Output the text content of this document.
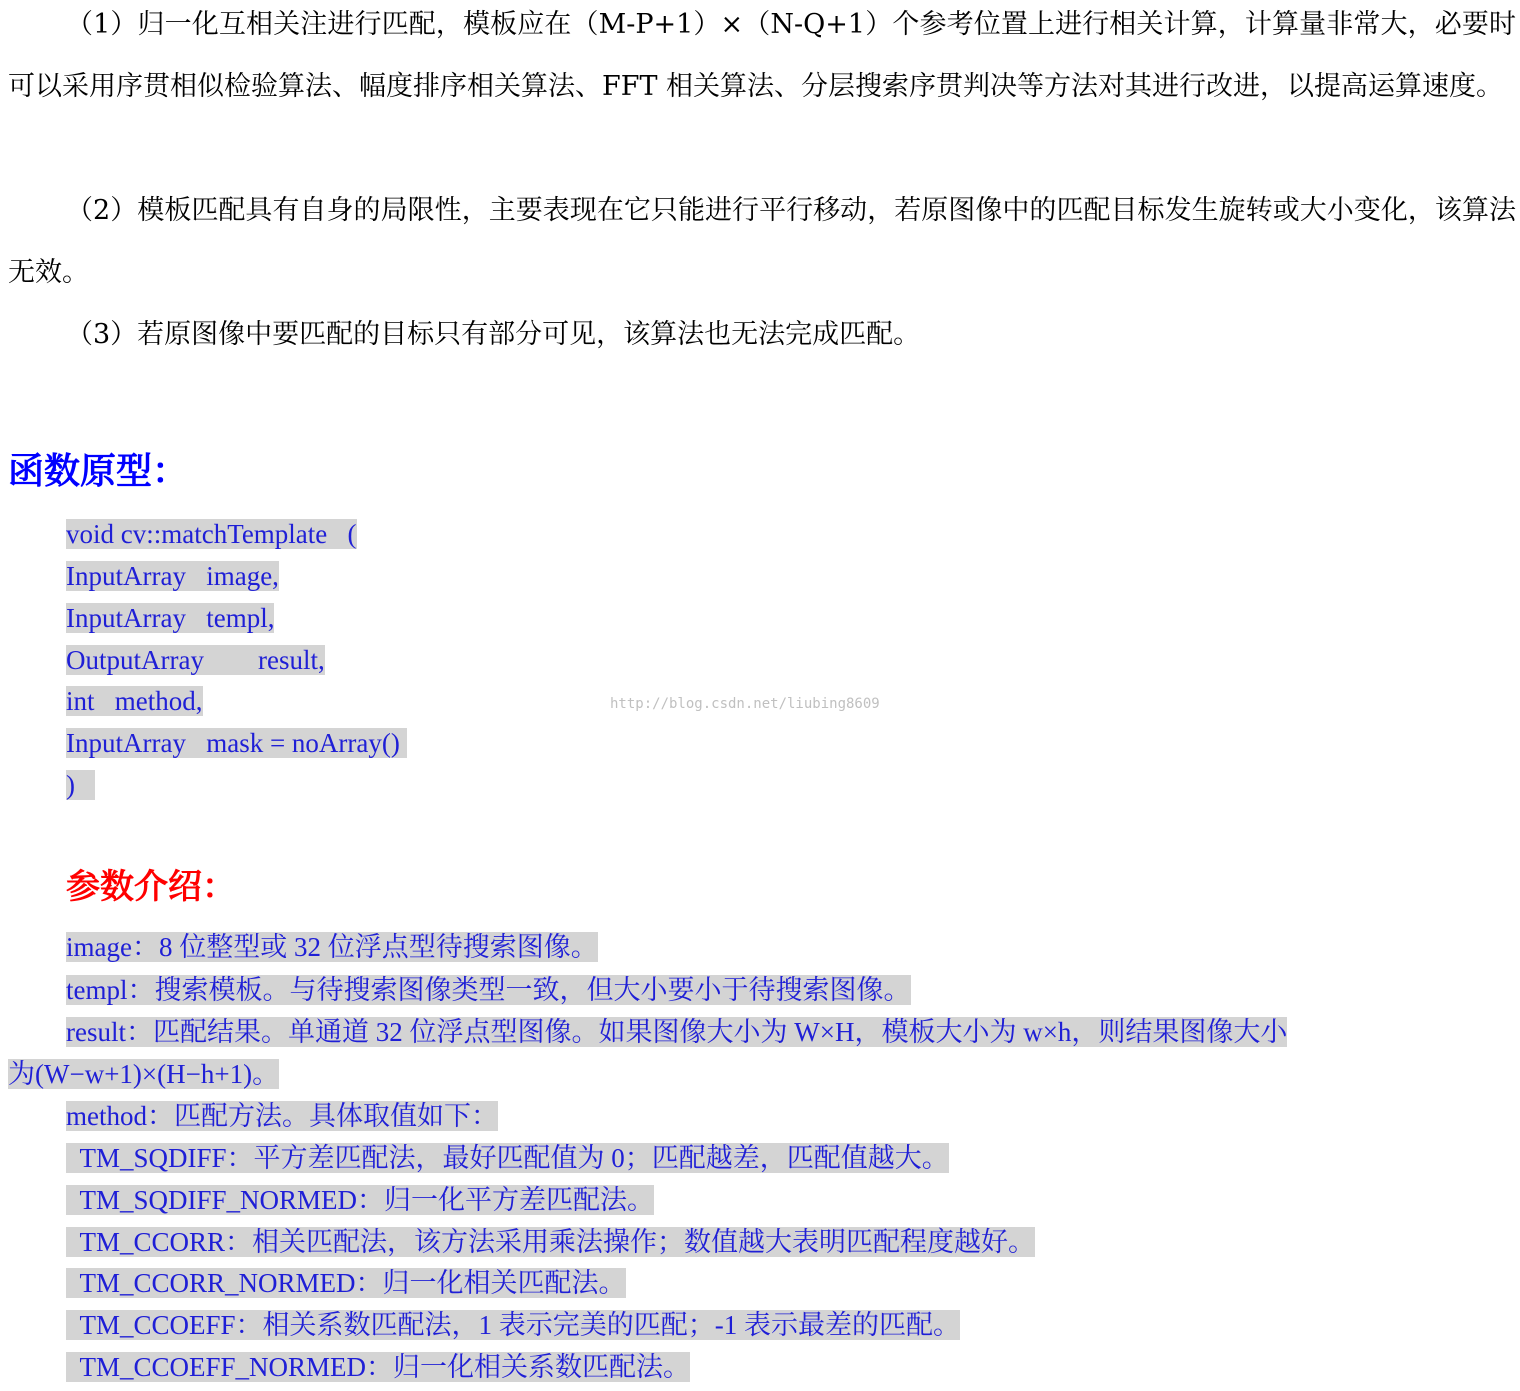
（1）归一化互相关注进行匹配，模板应在（M-P+1）×（N-Q+1）个参考位置上进行相关计算，计算量非常大，必要时可以采用序贯相似检验算法、幅度排序相关算法、FFT 相关算法、分层搜索序贯判决等方法对其进行改进，以提高运算速度。

（2）模板匹配具有自身的局限性，主要表现在它只能进行平行移动，若原图像中的匹配目标发生旋转或大小变化，该算法无效。

（3）若原图像中要匹配的目标只有部分可见，该算法也无法完成匹配。

函数原型：
void cv::matchTemplate   (
InputArray   image,
InputArray   templ,
OutputArray        result,
int   method,
InputArray   mask = noArray()
)
http://blog.csdn.net/liubing8609
参数介绍：
image：8 位整型或 32 位浮点型待搜索图像。
templ：搜索模板。与待搜索图像类型一致，但大小要小于待搜索图像。
result：匹配结果。单通道 32 位浮点型图像。如果图像大小为 W×H，模板大小为 w×h，则结果图像大小
为(W−w+1)×(H−h+1)。
method：匹配方法。具体取值如下：
TM_SQDIFF：平方差匹配法，最好匹配值为 0；匹配越差，匹配值越大。
TM_SQDIFF_NORMED：归一化平方差匹配法。
TM_CCORR：相关匹配法，该方法采用乘法操作；数值越大表明匹配程度越好。
TM_CCORR_NORMED：归一化相关匹配法。
TM_CCOEFF：相关系数匹配法，1 表示完美的匹配；-1 表示最差的匹配。
TM_CCOEFF_NORMED：归一化相关系数匹配法。
